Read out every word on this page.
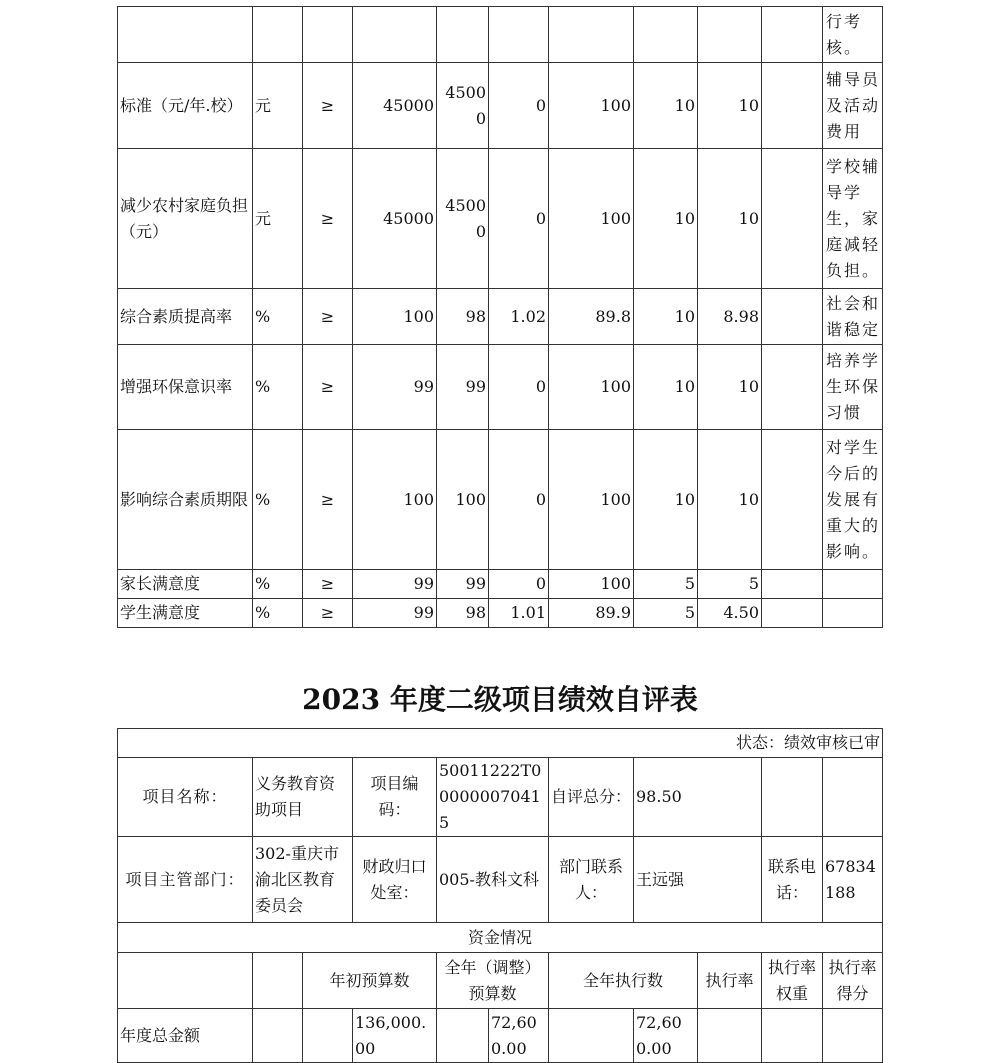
										行考核。
标准（元/年.校）	元	≥	45000	45000	0	100	10	10		辅导员及活动费用
减少农村家庭负担（元）	元	≥	45000	45000	0	100	10	10		学校辅导学生，家庭减轻负担。
综合素质提高率	%	≥	100	98	1.02	89.8	10	8.98		社会和谐稳定
增强环保意识率	%	≥	99	99	0	100	10	10		培养学生环保习惯
影响综合素质期限	%	≥	100	100	0	100	10	10		对学生今后的发展有重大的影响。
家长满意度	%	≥	99	99	0	100	5	5		
学生满意度	%	≥	99	98	1.01	89.9	5	4.50		
2023 年度二级项目绩效自评表
状态：绩效审核已审										
项目名称：	义务教育资助项目		项目编码：	50011222T000000070415		自评总分：	98.50			
项目主管部门：	302-重庆市渝北区教育委员会		财政归口处室：	005-教科文科		部门联系人：	王远强		联系电话：	67834188
资金情况										
		年初预算数		全年（调整）预算数		全年执行数		执行率	执行率权重	执行率得分
年度总金额			136,000.00		72,600.00		72,600.00			
